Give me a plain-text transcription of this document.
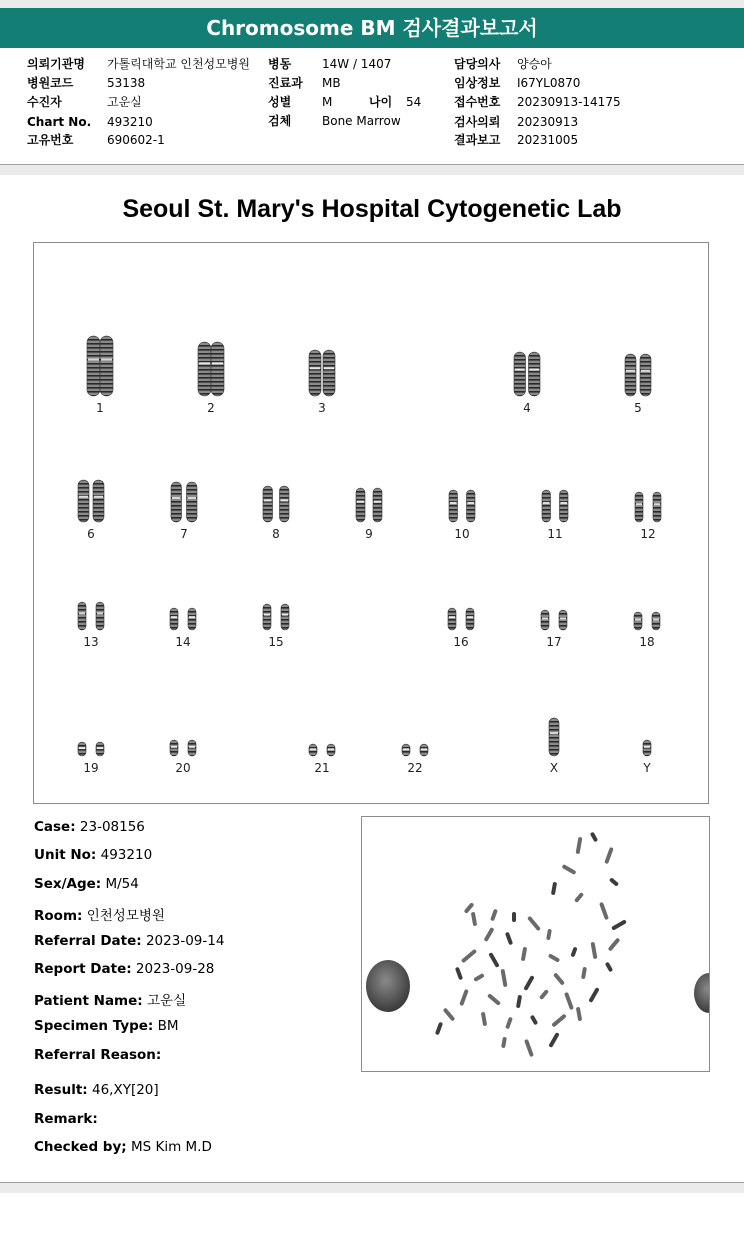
Chromosome BM 검사결과보고서
의뢰기관명 가톨릭대학교 인천성모병원
병원코드	53138
수진자	고운실
Chart No. 493210
고유번호	690602-1
병동	14W / 1407
진료과 MB
성별	M	나이 54
검체	Bone Marrow
담당의사 양승아
임상정보 I67YL0870
접수번호 20230913-14175
검사의뢰 20230913
결과보고 20231005
Seoul St. Mary's Hospital Cytogenetic Lab
1	2	3	4	5
6	7	8	9	10	11	12
13	14	15	16	17	18
19	20	21	22	X	Y
Case: 23-08156
Unit No: 493210
Sex/Age: M/54
Room: 인천성모병원
Referral Date: 2023-09-14
Report Date: 2023-09-28
Patient Name: 고운실
Specimen Type: BM
Referral Reason:
Result: 46,XY[20]
Remark:
Checked by; MS Kim M.D
